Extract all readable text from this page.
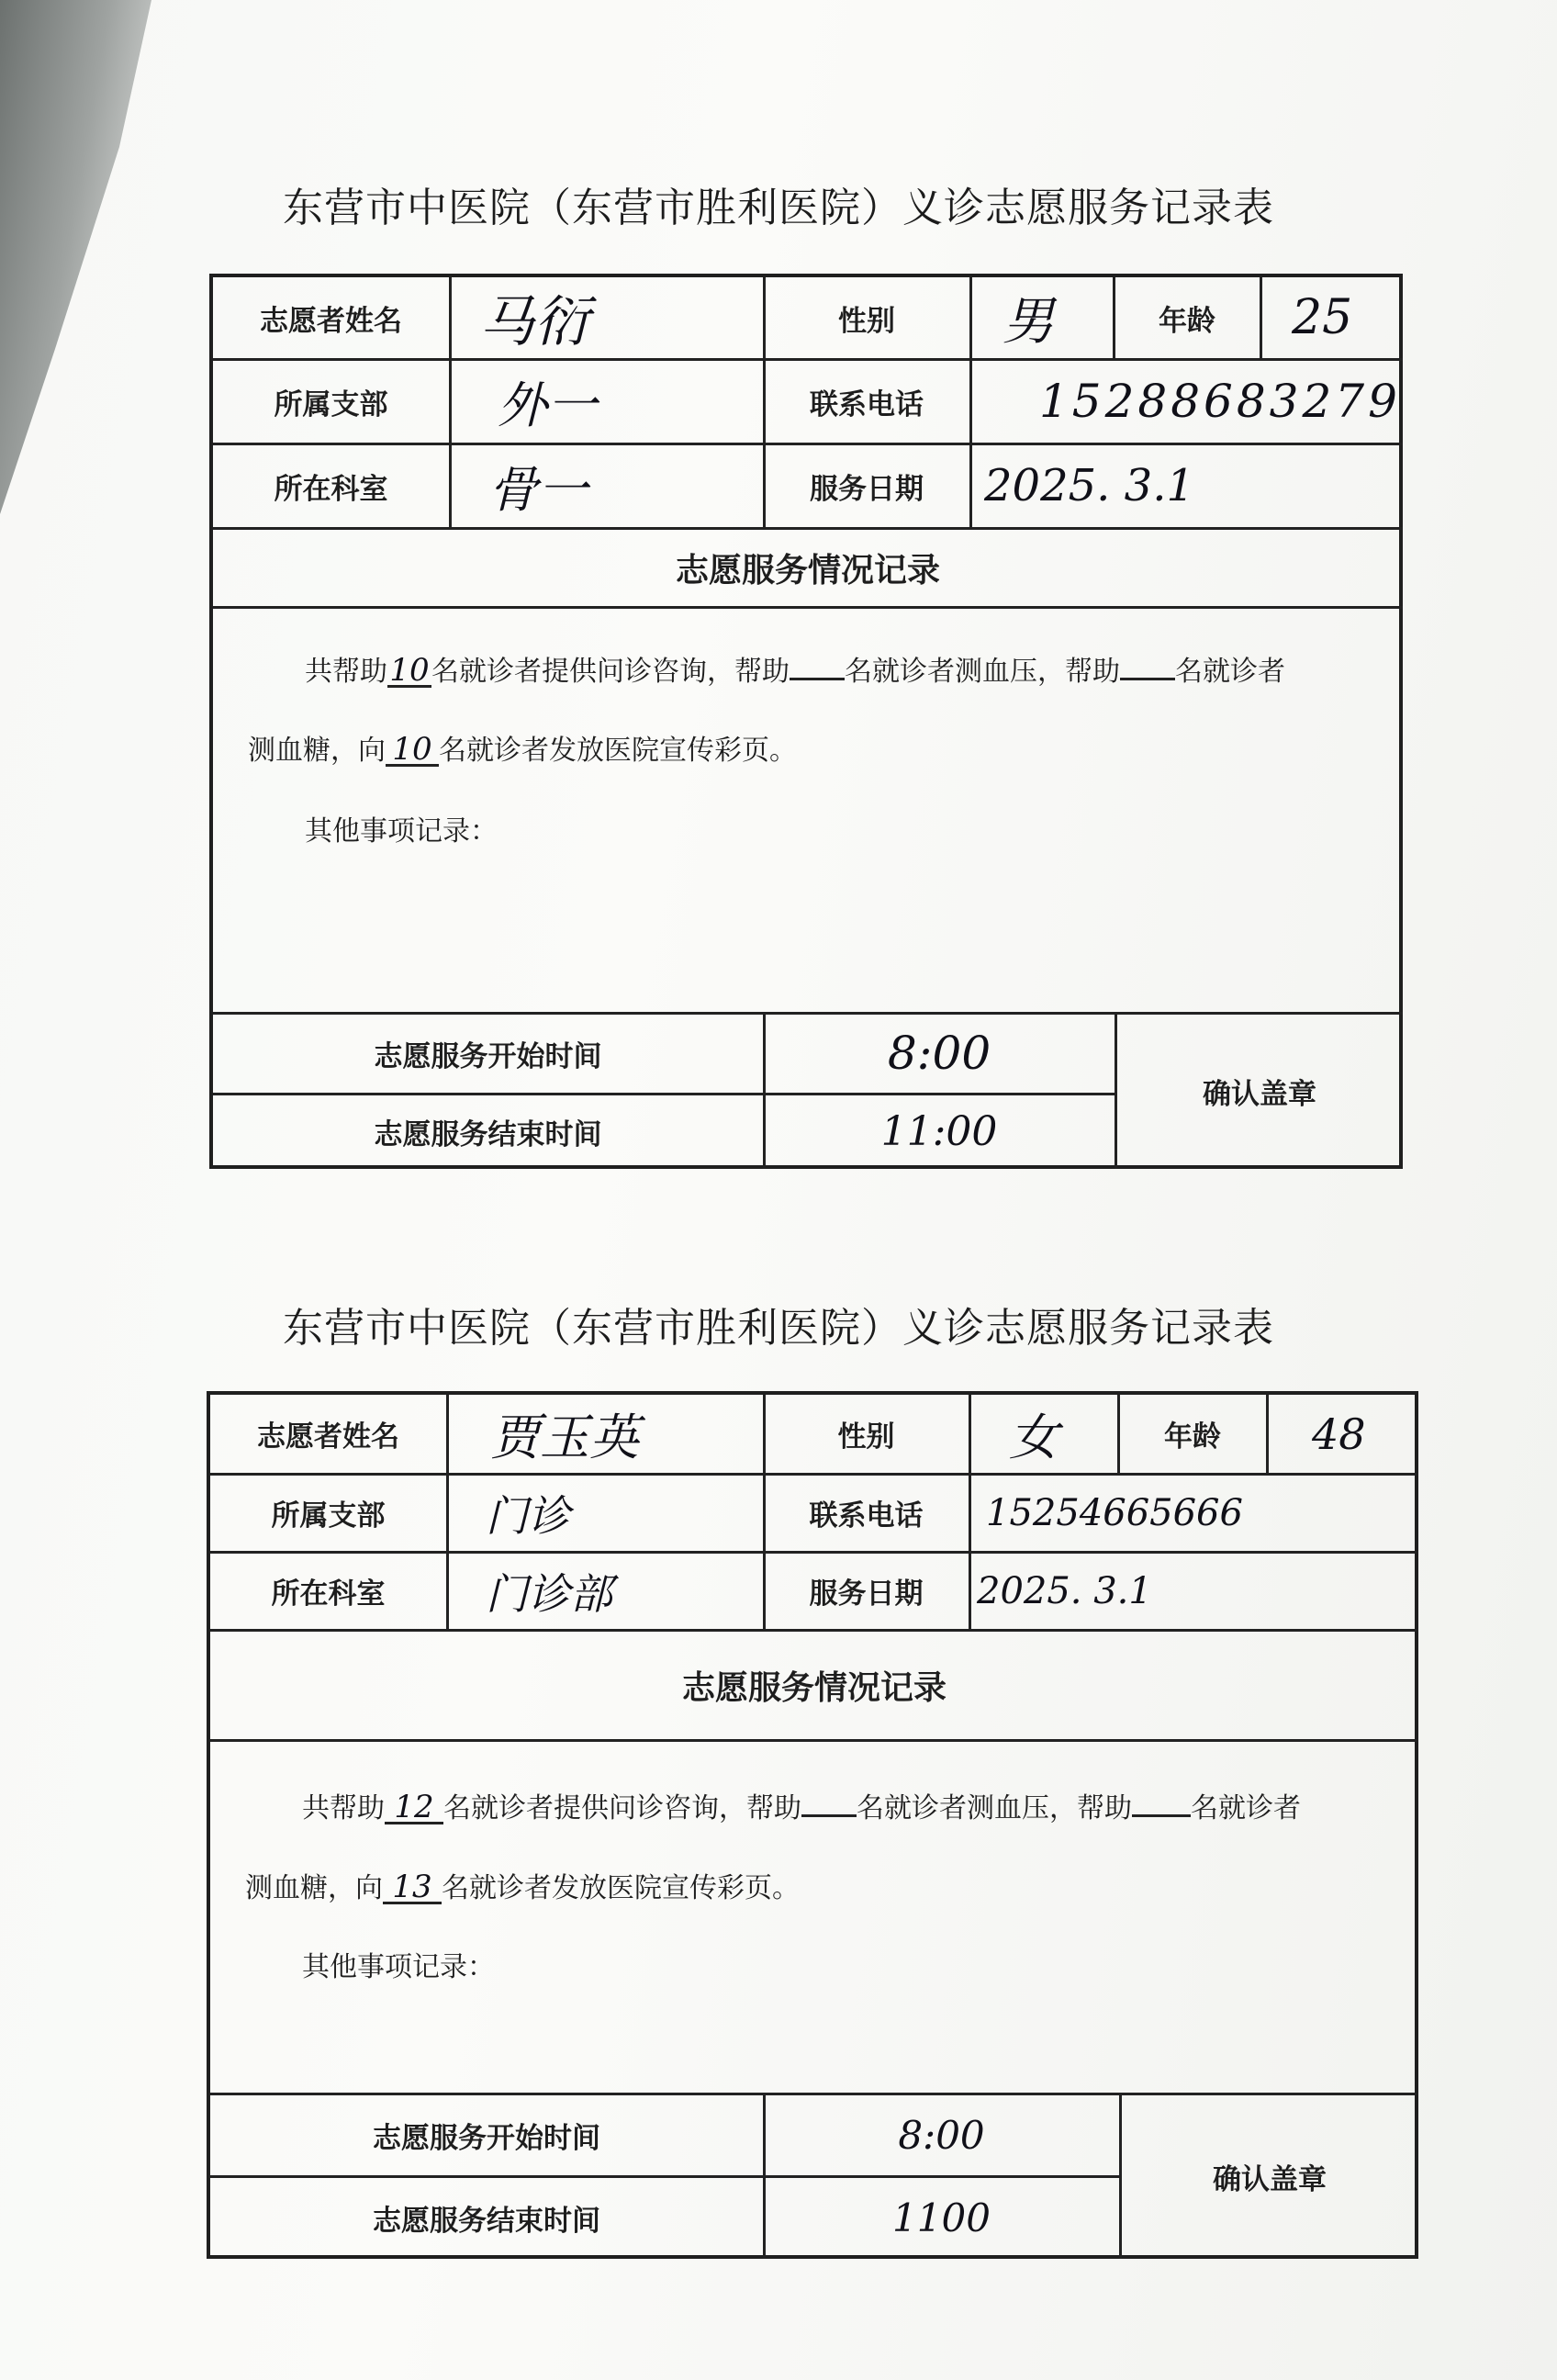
东营市中医院（东营市胜利医院）义诊志愿服务记录表
志愿者姓名	马衍	性别	男	年龄	25
所属支部	外一	联系电话	15288683279
所在科室	骨一	服务日期	2025. 3.1
志愿服务情况记录
共帮助10名就诊者提供问诊咨询，帮助 名就诊者测血压，帮助 名就诊者
测血糖，向 10 名就诊者发放医院宣传彩页。
其他事项记录：
志愿服务开始时间	8:00
志愿服务结束时间	11:00
确认盖章
东营市中医院（东营市胜利医院）义诊志愿服务记录表
志愿者姓名	贾玉英	性别	女	年龄	48
所属支部	门诊	联系电话	15254665666
所在科室	门诊部	服务日期	2025. 3.1
志愿服务情况记录
共帮助 12 名就诊者提供问诊咨询，帮助 名就诊者测血压，帮助 名就诊者
测血糖，向 13 名就诊者发放医院宣传彩页。
其他事项记录：
志愿服务开始时间	8:00
志愿服务结束时间	1100
确认盖章
